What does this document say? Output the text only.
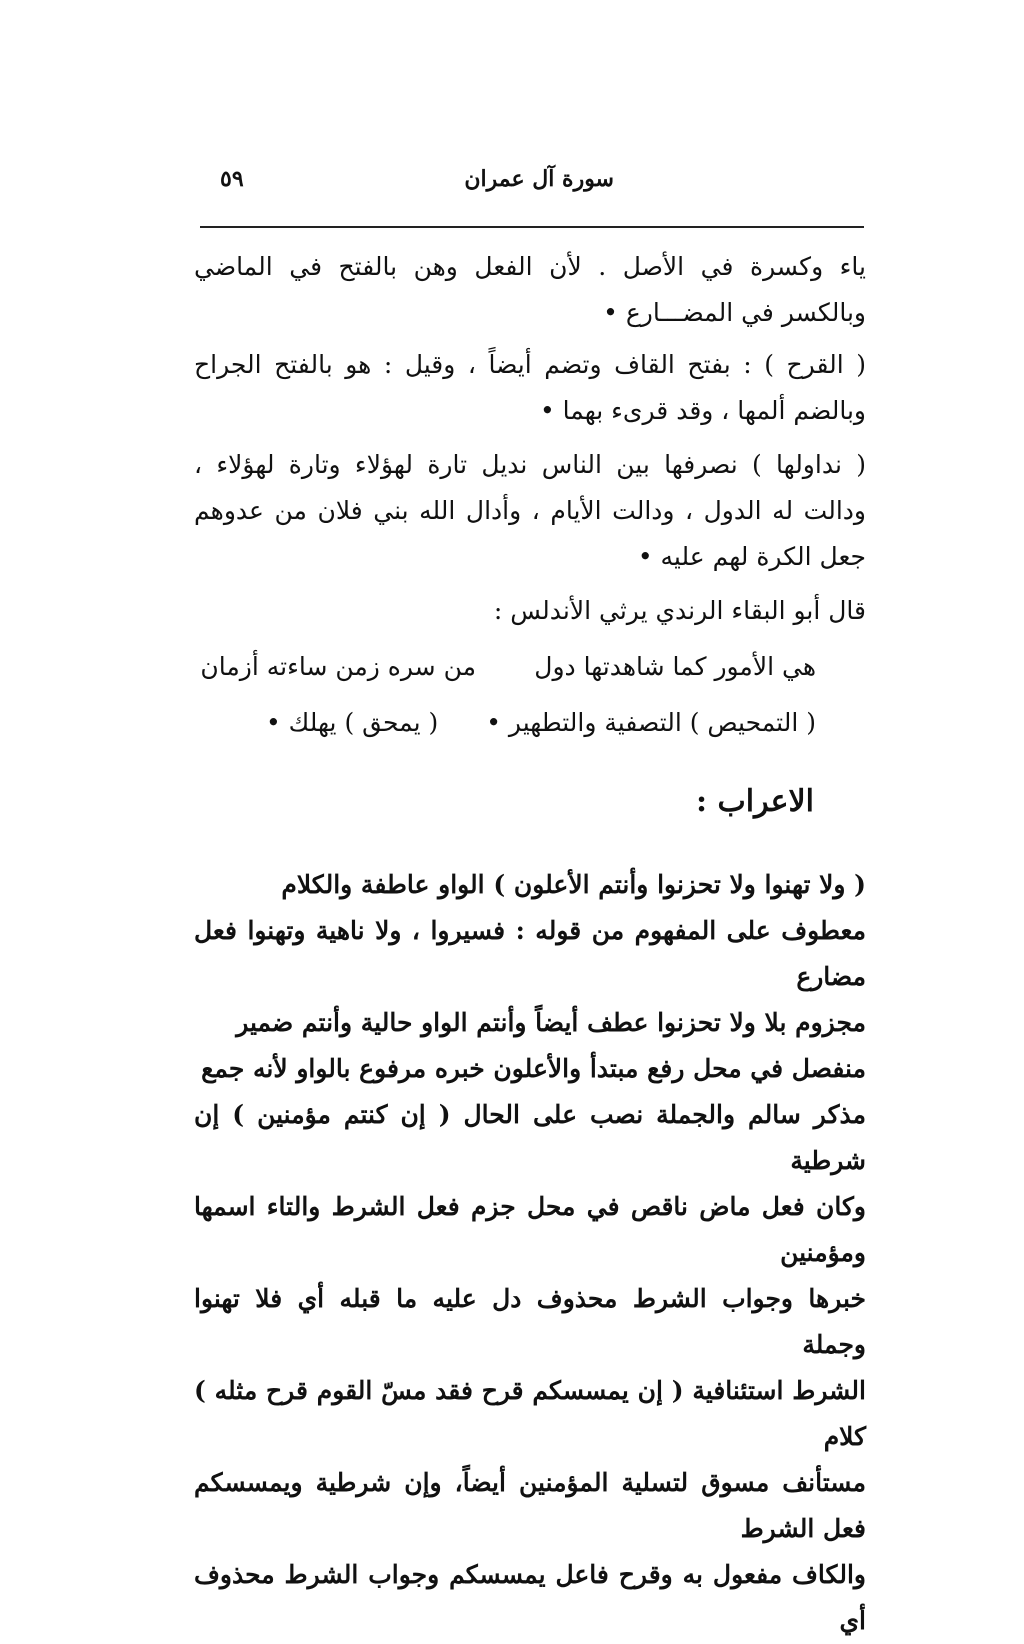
سورة آل عمران
٥٩
ياء وكسرة في الأصل . لأن الفعل وهن بالفتح في الماضي وبالكسر في المضـــارع •
( القرح ) : بفتح القاف وتضم أيضاً ، وقيل : هو بالفتح الجراح وبالضم ألمها ، وقد قرىء بهما •
( نداولها ) نصرفها بين الناس نديل تارة لهؤلاء وتارة لهؤلاء ، ودالت له الدول ، ودالت الأيام ، وأدال الله بني فلان من عدوهم جعل الكرة لهم عليه •
قال أبو البقاء الرندي يرثي الأندلس :
هي الأمور كما شاهدتها دولمن سره زمن ساءته أزمان
( التمحيص ) التصفية والتطهير • ( يمحق ) يهلك •
الاعراب :
( ولا تهنوا ولا تحزنوا وأنتم الأعلون ) الواو عاطفة والكلام
معطوف على المفهوم من قوله : فسيروا ، ولا ناهية وتهنوا فعل مضارع
مجزوم بلا ولا تحزنوا عطف أيضاً وأنتم الواو حالية وأنتم ضمير
منفصل في محل رفع مبتدأ والأعلون خبره مرفوع بالواو لأنه جمع
مذكر سالم والجملة نصب على الحال ( إن كنتم مؤمنين ) إن شرطية
وكان فعل ماض ناقص في محل جزم فعل الشرط والتاء اسمها ومؤمنين
خبرها وجواب الشرط محذوف دل عليه ما قبله أي فلا تهنوا وجملة
الشرط استئنافية ( إن يمسسكم قرح فقد مسّ القوم قرح مثله ) كلام
مستأنف مسوق لتسلية المؤمنين أيضاً، وإن شرطية ويمسسكم فعل الشرط
والكاف مفعول به وقرح فاعل يمسسكم وجواب الشرط محذوف أي
